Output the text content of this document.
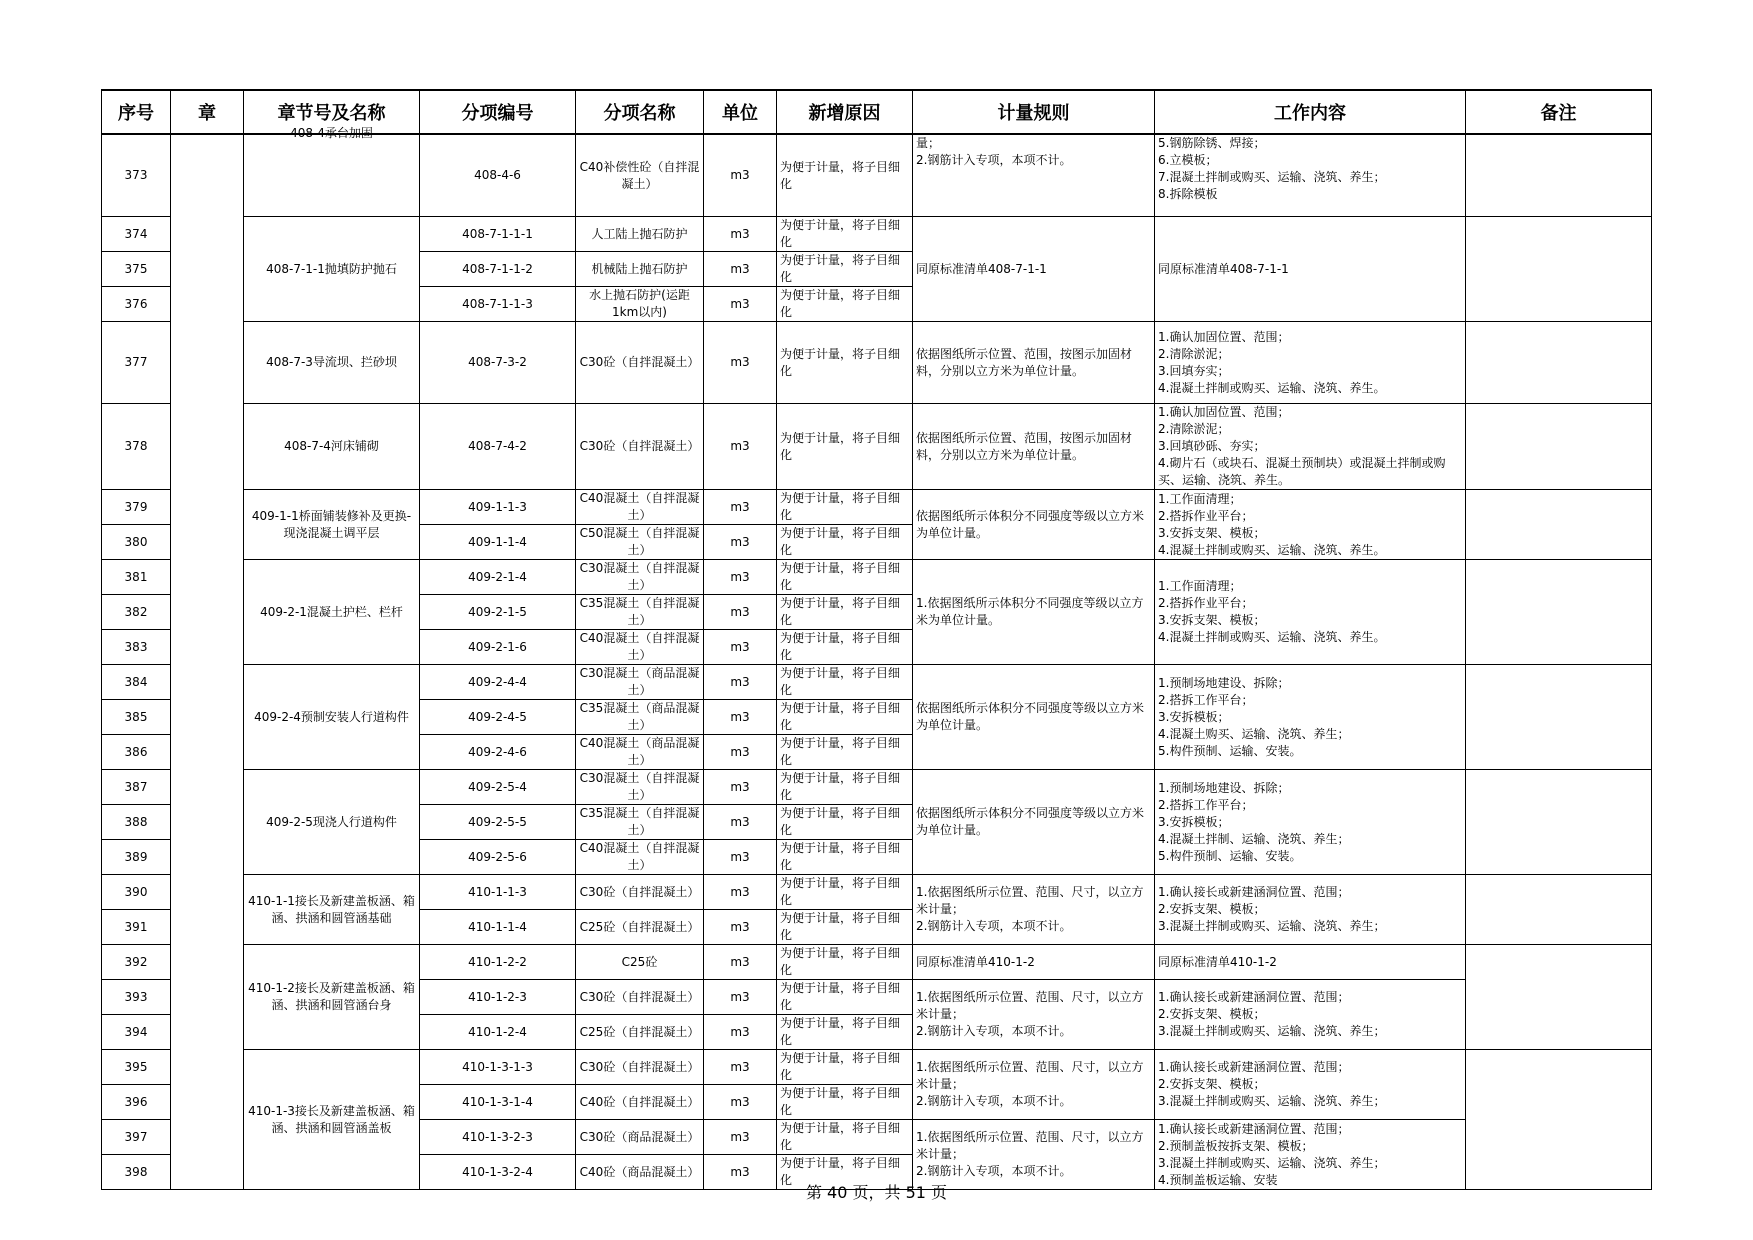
序号	章	章节号及名称	分项编号	分项名称	单位	新增原因	计量规则	工作内容	备注
373		408-4承台加固	408-4-6	C40补偿性砼（自拌混凝土）	m3	为便于计量，将子目细化	量；
2.钢筋计入专项，本项不计。	5.钢筋除锈、焊接；
6.立模板；
7.混凝土拌制或购买、运输、浇筑、养生；
8.拆除模板	
374		408-7-1-1抛填防护抛石	408-7-1-1-1	人工陆上抛石防护	m3	为便于计量，将子目细化	同原标准清单408-7-1-1	同原标准清单408-7-1-1	
375			408-7-1-1-2	机械陆上抛石防护	m3	为便于计量，将子目细化			
376			408-7-1-1-3	水上抛石防护(运距1km以内)	m3	为便于计量，将子目细化			
377		408-7-3导流坝、拦砂坝	408-7-3-2	C30砼（自拌混凝土）	m3	为便于计量，将子目细化	依据图纸所示位置、范围，按图示加固材料，分别以立方米为单位计量。	1.确认加固位置、范围；
2.清除淤泥；
3.回填夯实；
4.混凝土拌制或购买、运输、浇筑、养生。	
378		408-7-4河床铺砌	408-7-4-2	C30砼（自拌混凝土）	m3	为便于计量，将子目细化	依据图纸所示位置、范围，按图示加固材料，分别以立方米为单位计量。	1.确认加固位置、范围；
2.清除淤泥；
3.回填砂砾、夯实；
4.砌片石（或块石、混凝土预制块）或混凝土拌制或购买、运输、浇筑、养生。	
379		409-1-1桥面铺装修补及更换-现浇混凝土调平层	409-1-1-3	C40混凝土（自拌混凝土）	m3	为便于计量，将子目细化	依据图纸所示体积分不同强度等级以立方米为单位计量。	1.工作面清理；
2.搭拆作业平台；
3.安拆支架、模板；
4.混凝土拌制或购买、运输、浇筑、养生。	
380			409-1-1-4	C50混凝土（自拌混凝土）	m3	为便于计量，将子目细化			
381		409-2-1混凝土护栏、栏杆	409-2-1-4	C30混凝土（自拌混凝土）	m3	为便于计量，将子目细化	1.依据图纸所示体积分不同强度等级以立方米为单位计量。	1.工作面清理；
2.搭拆作业平台；
3.安拆支架、模板；
4.混凝土拌制或购买、运输、浇筑、养生。	
382			409-2-1-5	C35混凝土（自拌混凝土）	m3	为便于计量，将子目细化			
383			409-2-1-6	C40混凝土（自拌混凝土）	m3	为便于计量，将子目细化			
384		409-2-4预制安装人行道构件	409-2-4-4	C30混凝土（商品混凝土）	m3	为便于计量，将子目细化	依据图纸所示体积分不同强度等级以立方米为单位计量。	1.预制场地建设、拆除；
2.搭拆工作平台；
3.安拆模板；
4.混凝土购买、运输、浇筑、养生；
5.构件预制、运输、安装。	
385			409-2-4-5	C35混凝土（商品混凝土）	m3	为便于计量，将子目细化			
386			409-2-4-6	C40混凝土（商品混凝土）	m3	为便于计量，将子目细化			
387		409-2-5现浇人行道构件	409-2-5-4	C30混凝土（自拌混凝土）	m3	为便于计量，将子目细化	依据图纸所示体积分不同强度等级以立方米为单位计量。	1.预制场地建设、拆除；
2.搭拆工作平台；
3.安拆模板；
4.混凝土拌制、运输、浇筑、养生；
5.构件预制、运输、安装。	
388			409-2-5-5	C35混凝土（自拌混凝土）	m3	为便于计量，将子目细化			
389			409-2-5-6	C40混凝土（自拌混凝土）	m3	为便于计量，将子目细化			
390		410-1-1接长及新建盖板涵、箱涵、拱涵和圆管涵基础	410-1-1-3	C30砼（自拌混凝土）	m3	为便于计量，将子目细化	1.依据图纸所示位置、范围、尺寸，以立方米计量；
2.钢筋计入专项，本项不计。	1.确认接长或新建涵洞位置、范围；
2.安拆支架、模板；
3.混凝土拌制或购买、运输、浇筑、养生；	
391			410-1-1-4	C25砼（自拌混凝土）	m3	为便于计量，将子目细化			
392		410-1-2接长及新建盖板涵、箱涵、拱涵和圆管涵台身	410-1-2-2	C25砼	m3	为便于计量，将子目细化	同原标准清单410-1-2	同原标准清单410-1-2	
393			410-1-2-3	C30砼（自拌混凝土）	m3	为便于计量，将子目细化	1.依据图纸所示位置、范围、尺寸，以立方米计量；
2.钢筋计入专项，本项不计。	1.确认接长或新建涵洞位置、范围；
2.安拆支架、模板；
3.混凝土拌制或购买、运输、浇筑、养生；	
394			410-1-2-4	C25砼（自拌混凝土）	m3	为便于计量，将子目细化			
395		410-1-3接长及新建盖板涵、箱涵、拱涵和圆管涵盖板	410-1-3-1-3	C30砼（自拌混凝土）	m3	为便于计量，将子目细化	1.依据图纸所示位置、范围、尺寸，以立方米计量；
2.钢筋计入专项，本项不计。	1.确认接长或新建涵洞位置、范围；
2.安拆支架、模板；
3.混凝土拌制或购买、运输、浇筑、养生；	
396			410-1-3-1-4	C40砼（自拌混凝土）	m3	为便于计量，将子目细化			
397			410-1-3-2-3	C30砼（商品混凝土）	m3	为便于计量，将子目细化	1.依据图纸所示位置、范围、尺寸，以立方米计量；
2.钢筋计入专项，本项不计。	1.确认接长或新建涵洞位置、范围；
2.预制盖板按拆支架、模板；
3.混凝土拌制或购买、运输、浇筑、养生；
4.预制盖板运输、安装	
398			410-1-3-2-4	C40砼（商品混凝土）	m3	为便于计量，将子目细化			
第 40 页，共 51 页
